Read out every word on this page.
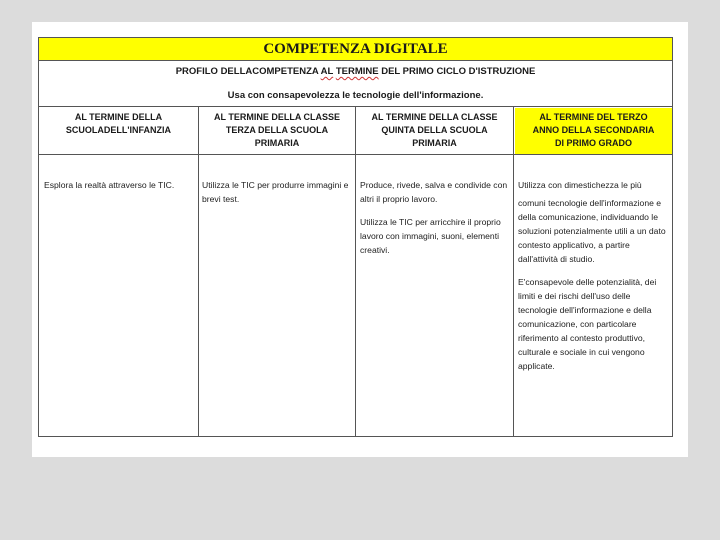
COMPETENZA DIGITALE
PROFILO DELLACOMPETENZA AL TERMINE DEL PRIMO CICLO D'ISTRUZIONE
Usa con consapevolezza le tecnologie dell'informazione.
AL TERMINE DELLA
SCUOLADELL'INFANZIA
AL TERMINE DELLA CLASSE
TERZA DELLA SCUOLA
PRIMARIA
AL TERMINE DELLA CLASSE
QUINTA DELLA SCUOLA
PRIMARIA
AL TERMINE DEL TERZO
ANNO DELLA SECONDARIA
DI PRIMO GRADO

Esplora la realtà attraverso le TIC.	Utilizza le TIC per produrre immagini e brevi test.

Produce, rivede, salva e condivide con altri il proprio lavoro.

Utilizza le TIC per arricchire il proprio lavoro con immagini, suoni, elementi creativi.

Utilizza con dimestichezza le più

comuni tecnologie dell'informazione e della comunicazione, individuando le soluzioni potenzialmente utili a un dato contesto applicativo, a partire dall'attività di studio.

E'consapevole delle potenzialità, dei limiti e dei rischi dell'uso delle tecnologie dell'informazione e della comunicazione, con particolare riferimento al contesto produttivo, culturale e sociale in cui vengono applicate.
